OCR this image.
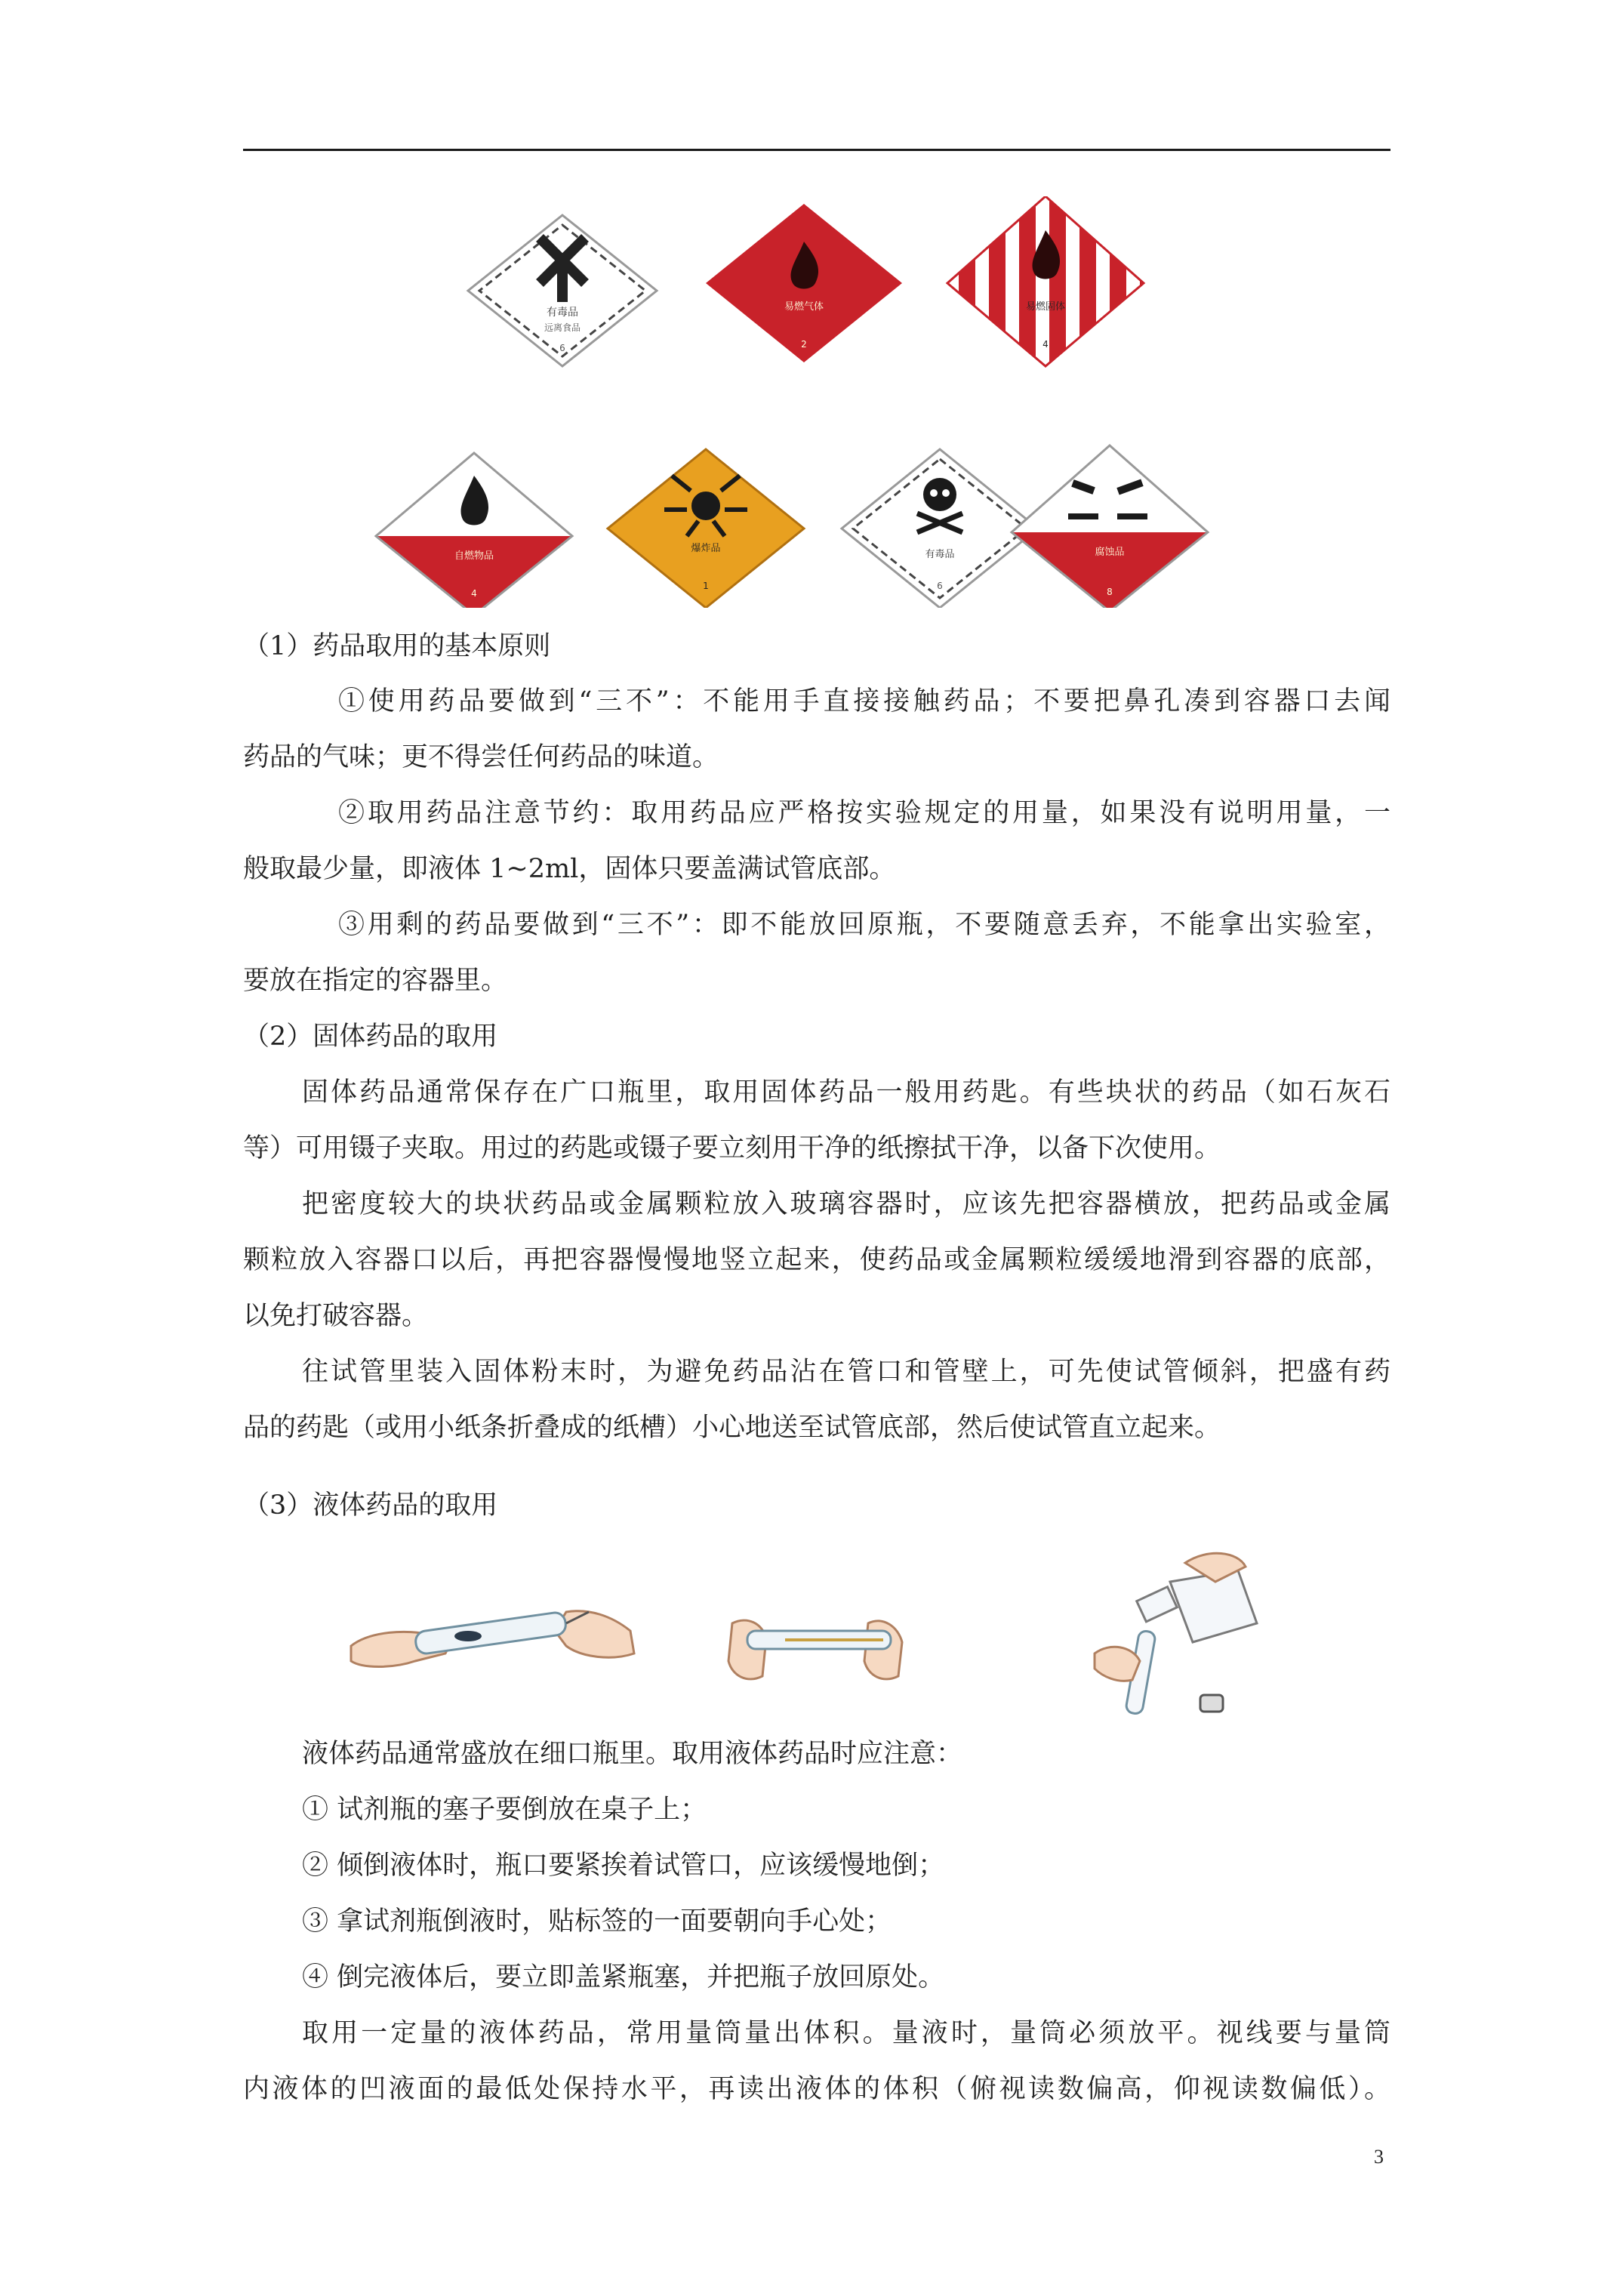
有毒品
远离食品
6
易燃气体
2
易燃固体
4
自燃物品
4
爆炸品
1
有毒品
6
腐蚀品
8
（1）药品取用的基本原则
①使用药品要做到“三不”：不能用手直接接触药品；不要把鼻孔凑到容器口去闻
药品的气味；更不得尝任何药品的味道。
②取用药品注意节约：取用药品应严格按实验规定的用量，如果没有说明用量，一
般取最少量，即液体 1~2ml，固体只要盖满试管底部。
③用剩的药品要做到“三不”：即不能放回原瓶，不要随意丢弃，不能拿出实验室，
要放在指定的容器里。
（2）固体药品的取用
固体药品通常保存在广口瓶里，取用固体药品一般用药匙。有些块状的药品（如石灰石
等）可用镊子夹取。用过的药匙或镊子要立刻用干净的纸擦拭干净，以备下次使用。
把密度较大的块状药品或金属颗粒放入玻璃容器时，应该先把容器横放，把药品或金属
颗粒放入容器口以后，再把容器慢慢地竖立起来，使药品或金属颗粒缓缓地滑到容器的底部，
以免打破容器。
往试管里装入固体粉末时，为避免药品沾在管口和管壁上，可先使试管倾斜，把盛有药
品的药匙（或用小纸条折叠成的纸槽）小心地送至试管底部，然后使试管直立起来。
（3）液体药品的取用
液体药品通常盛放在细口瓶里。取用液体药品时应注意：
① 试剂瓶的塞子要倒放在桌子上；
② 倾倒液体时，瓶口要紧挨着试管口，应该缓慢地倒；
③ 拿试剂瓶倒液时，贴标签的一面要朝向手心处；
④ 倒完液体后，要立即盖紧瓶塞，并把瓶子放回原处。
取用一定量的液体药品，常用量筒量出体积。量液时，量筒必须放平。视线要与量筒
内液体的凹液面的最低处保持水平，再读出液体的体积（俯视读数偏高，仰视读数偏低）。
3
